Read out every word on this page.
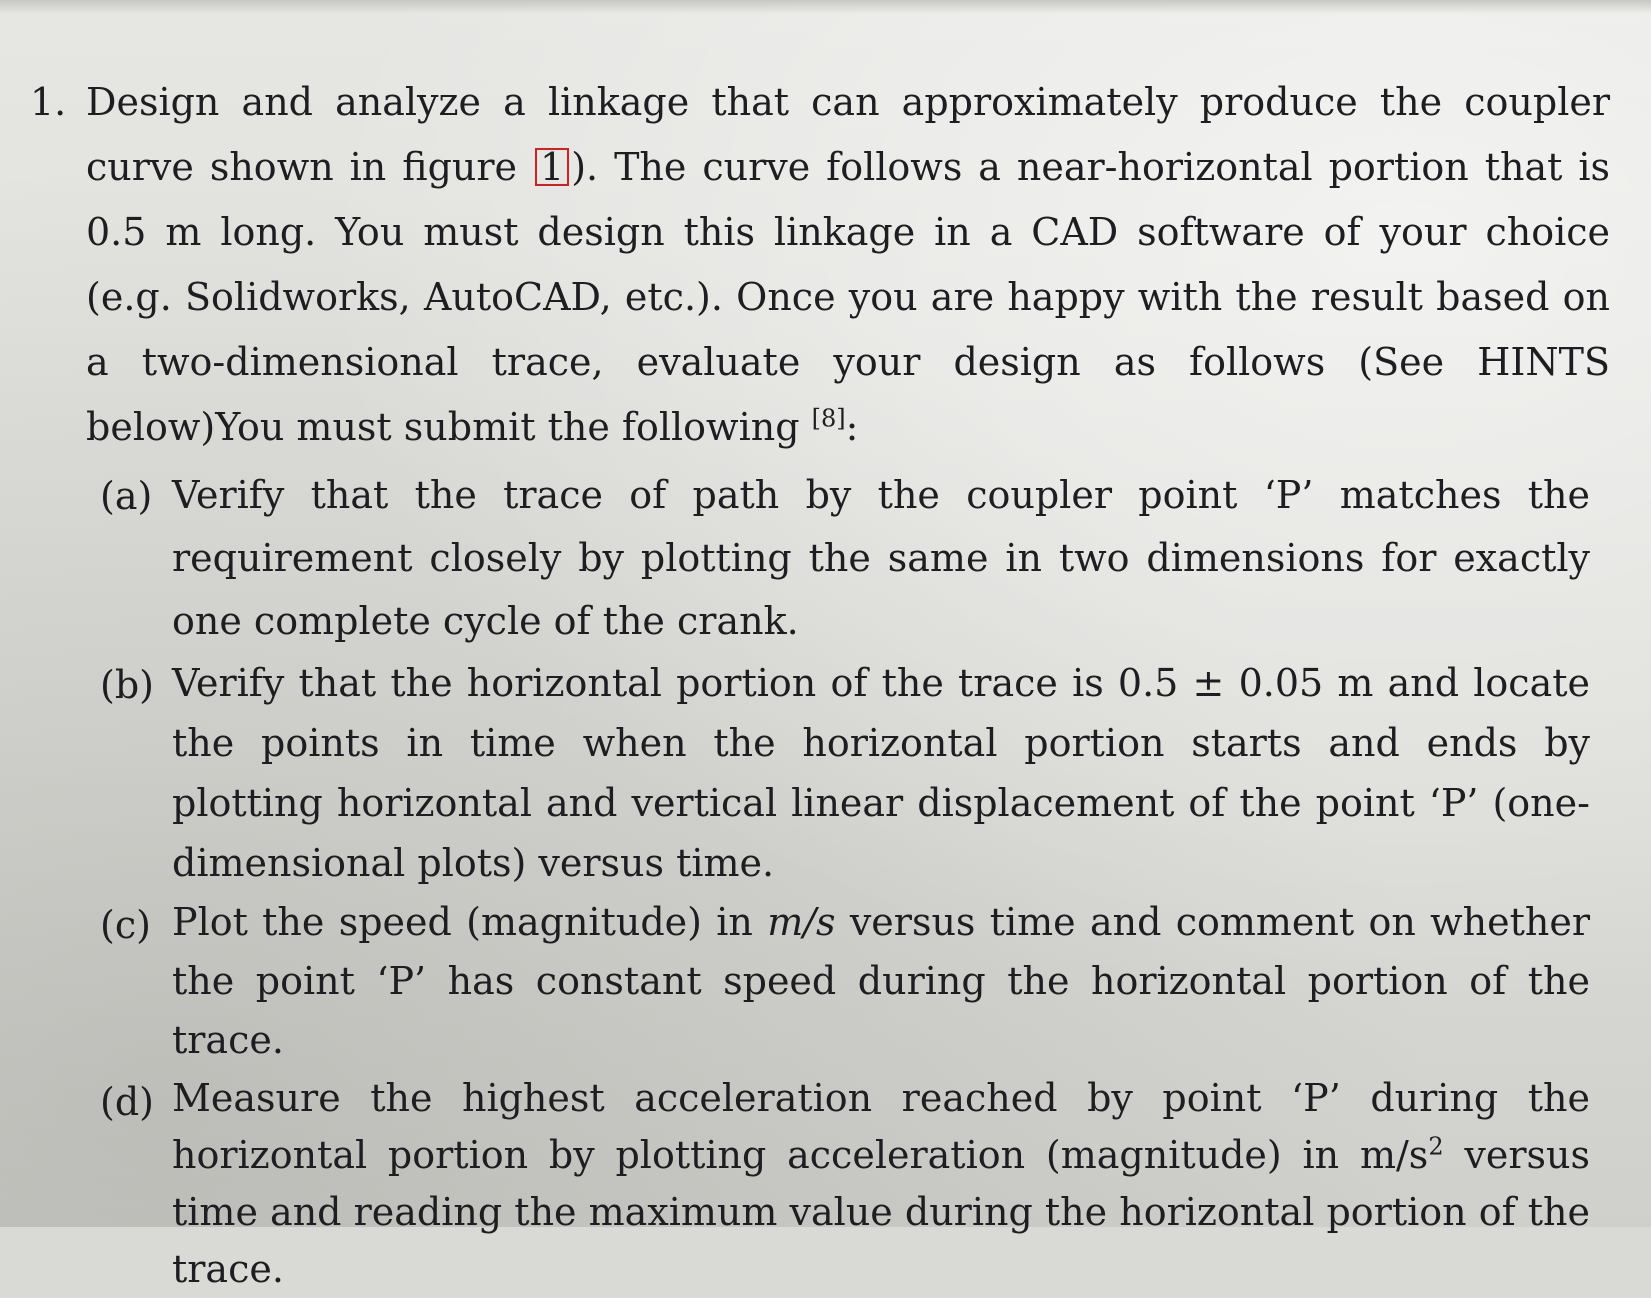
1. Design and analyze a linkage that can approximately produce the coupler curve shown in figure 1 ). The curve follows a near-horizontal portion that is 0.5 m long. You must design this linkage in a CAD software of your choice (e.g. Solidworks, AutoCAD, etc.). Once you are happy with the result based on a two-dimensional trace, evaluate your design as follows (See HINTS below)You must submit the following [8]:
(a) Verify that the trace of path by the coupler point ‘P’ matches the requirement closely by plotting the same in two dimensions for exactly one complete cycle of the crank.
(b) Verify that the horizontal portion of the trace is 0.5 ± 0.05 m and locate the points in time when the horizontal portion starts and ends by plotting horizontal and vertical linear displacement of the point ‘P’ (one-dimensional plots) versus time.
(c) Plot the speed (magnitude) in m/s versus time and comment on whether the point ‘P’ has constant speed during the horizontal portion of the trace.
(d) Measure the highest acceleration reached by point ‘P’ during the horizontal portion by plotting acceleration (magnitude) in $m/s^2$ versus time and reading the maximum value during the horizontal portion of the trace.
